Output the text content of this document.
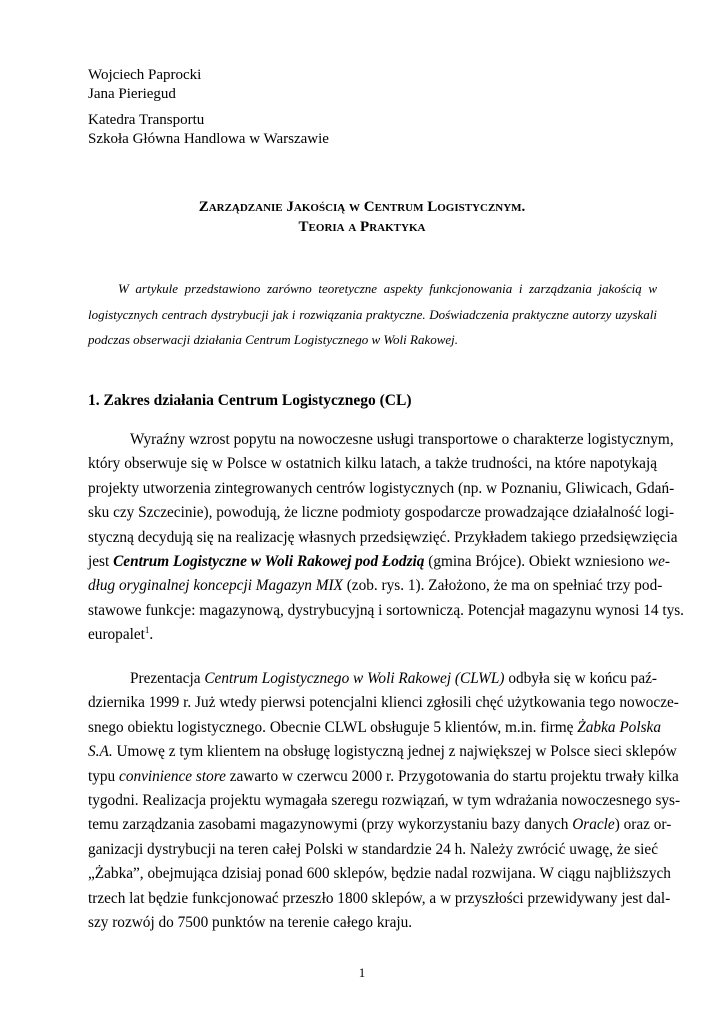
Wojciech Paprocki
Jana Pieriegud
Katedra Transportu
Szkoła Główna Handlowa w Warszawie
Zarządzanie Jakością w Centrum Logistycznym.
Teoria a Praktyka
W artykule przedstawiono zarówno teoretyczne aspekty funkcjonowania i zarządzania jakością w logistycznych centrach dystrybucji jak i rozwiązania praktyczne. Doświadczenia praktyczne autorzy uzyskali podczas obserwacji działania Centrum Logistycznego w Woli Rakowej.
1. Zakres działania Centrum Logistycznego (CL)
Wyraźny wzrost popytu na nowoczesne usługi transportowe o charakterze logistycznym,
który obserwuje się w Polsce w ostatnich kilku latach, a także trudności, na które napotykają
projekty utworzenia zintegrowanych centrów logistycznych (np. w Poznaniu, Gliwicach, Gdań-
sku czy Szczecinie), powodują, że liczne podmioty gospodarcze prowadzające działalność logi-
styczną decydują się na realizację własnych przedsięwzięć. Przykładem takiego przedsięwzięcia
jest Centrum Logistyczne w Woli Rakowej pod Łodzią (gmina Brójce). Obiekt wzniesiono we-
dług oryginalnej koncepcji Magazyn MIX (zob. rys. 1). Założono, że ma on spełniać trzy pod-
stawowe funkcje: magazynową, dystrybucyjną i sortowniczą. Potencjał magazynu wynosi 14 tys.
europalet$^1$.
Prezentacja Centrum Logistycznego w Woli Rakowej (CLWL) odbyła się w końcu paź-
dziernika 1999 r. Już wtedy pierwsi potencjalni klienci zgłosili chęć użytkowania tego nowocze-
snego obiektu logistycznego. Obecnie CLWL obsługuje 5 klientów, m.in. firmę Żabka Polska
S.A. Umowę z tym klientem na obsługę logistyczną jednej z największej w Polsce sieci sklepów
typu convinience store zawarto w czerwcu 2000 r. Przygotowania do startu projektu trwały kilka
tygodni. Realizacja projektu wymagała szeregu rozwiązań, w tym wdrażania nowoczesnego sys-
temu zarządzania zasobami magazynowymi (przy wykorzystaniu bazy danych Oracle) oraz or-
ganizacji dystrybucji na teren całej Polski w standardzie 24 h. Należy zwrócić uwagę, że sieć
„Żabka”, obejmująca dzisiaj ponad 600 sklepów, będzie nadal rozwijana. W ciągu najbliższych
trzech lat będzie funkcjonować przeszło 1800 sklepów, a w przyszłości przewidywany jest dal-
szy rozwój do 7500 punktów na terenie całego kraju.
1
